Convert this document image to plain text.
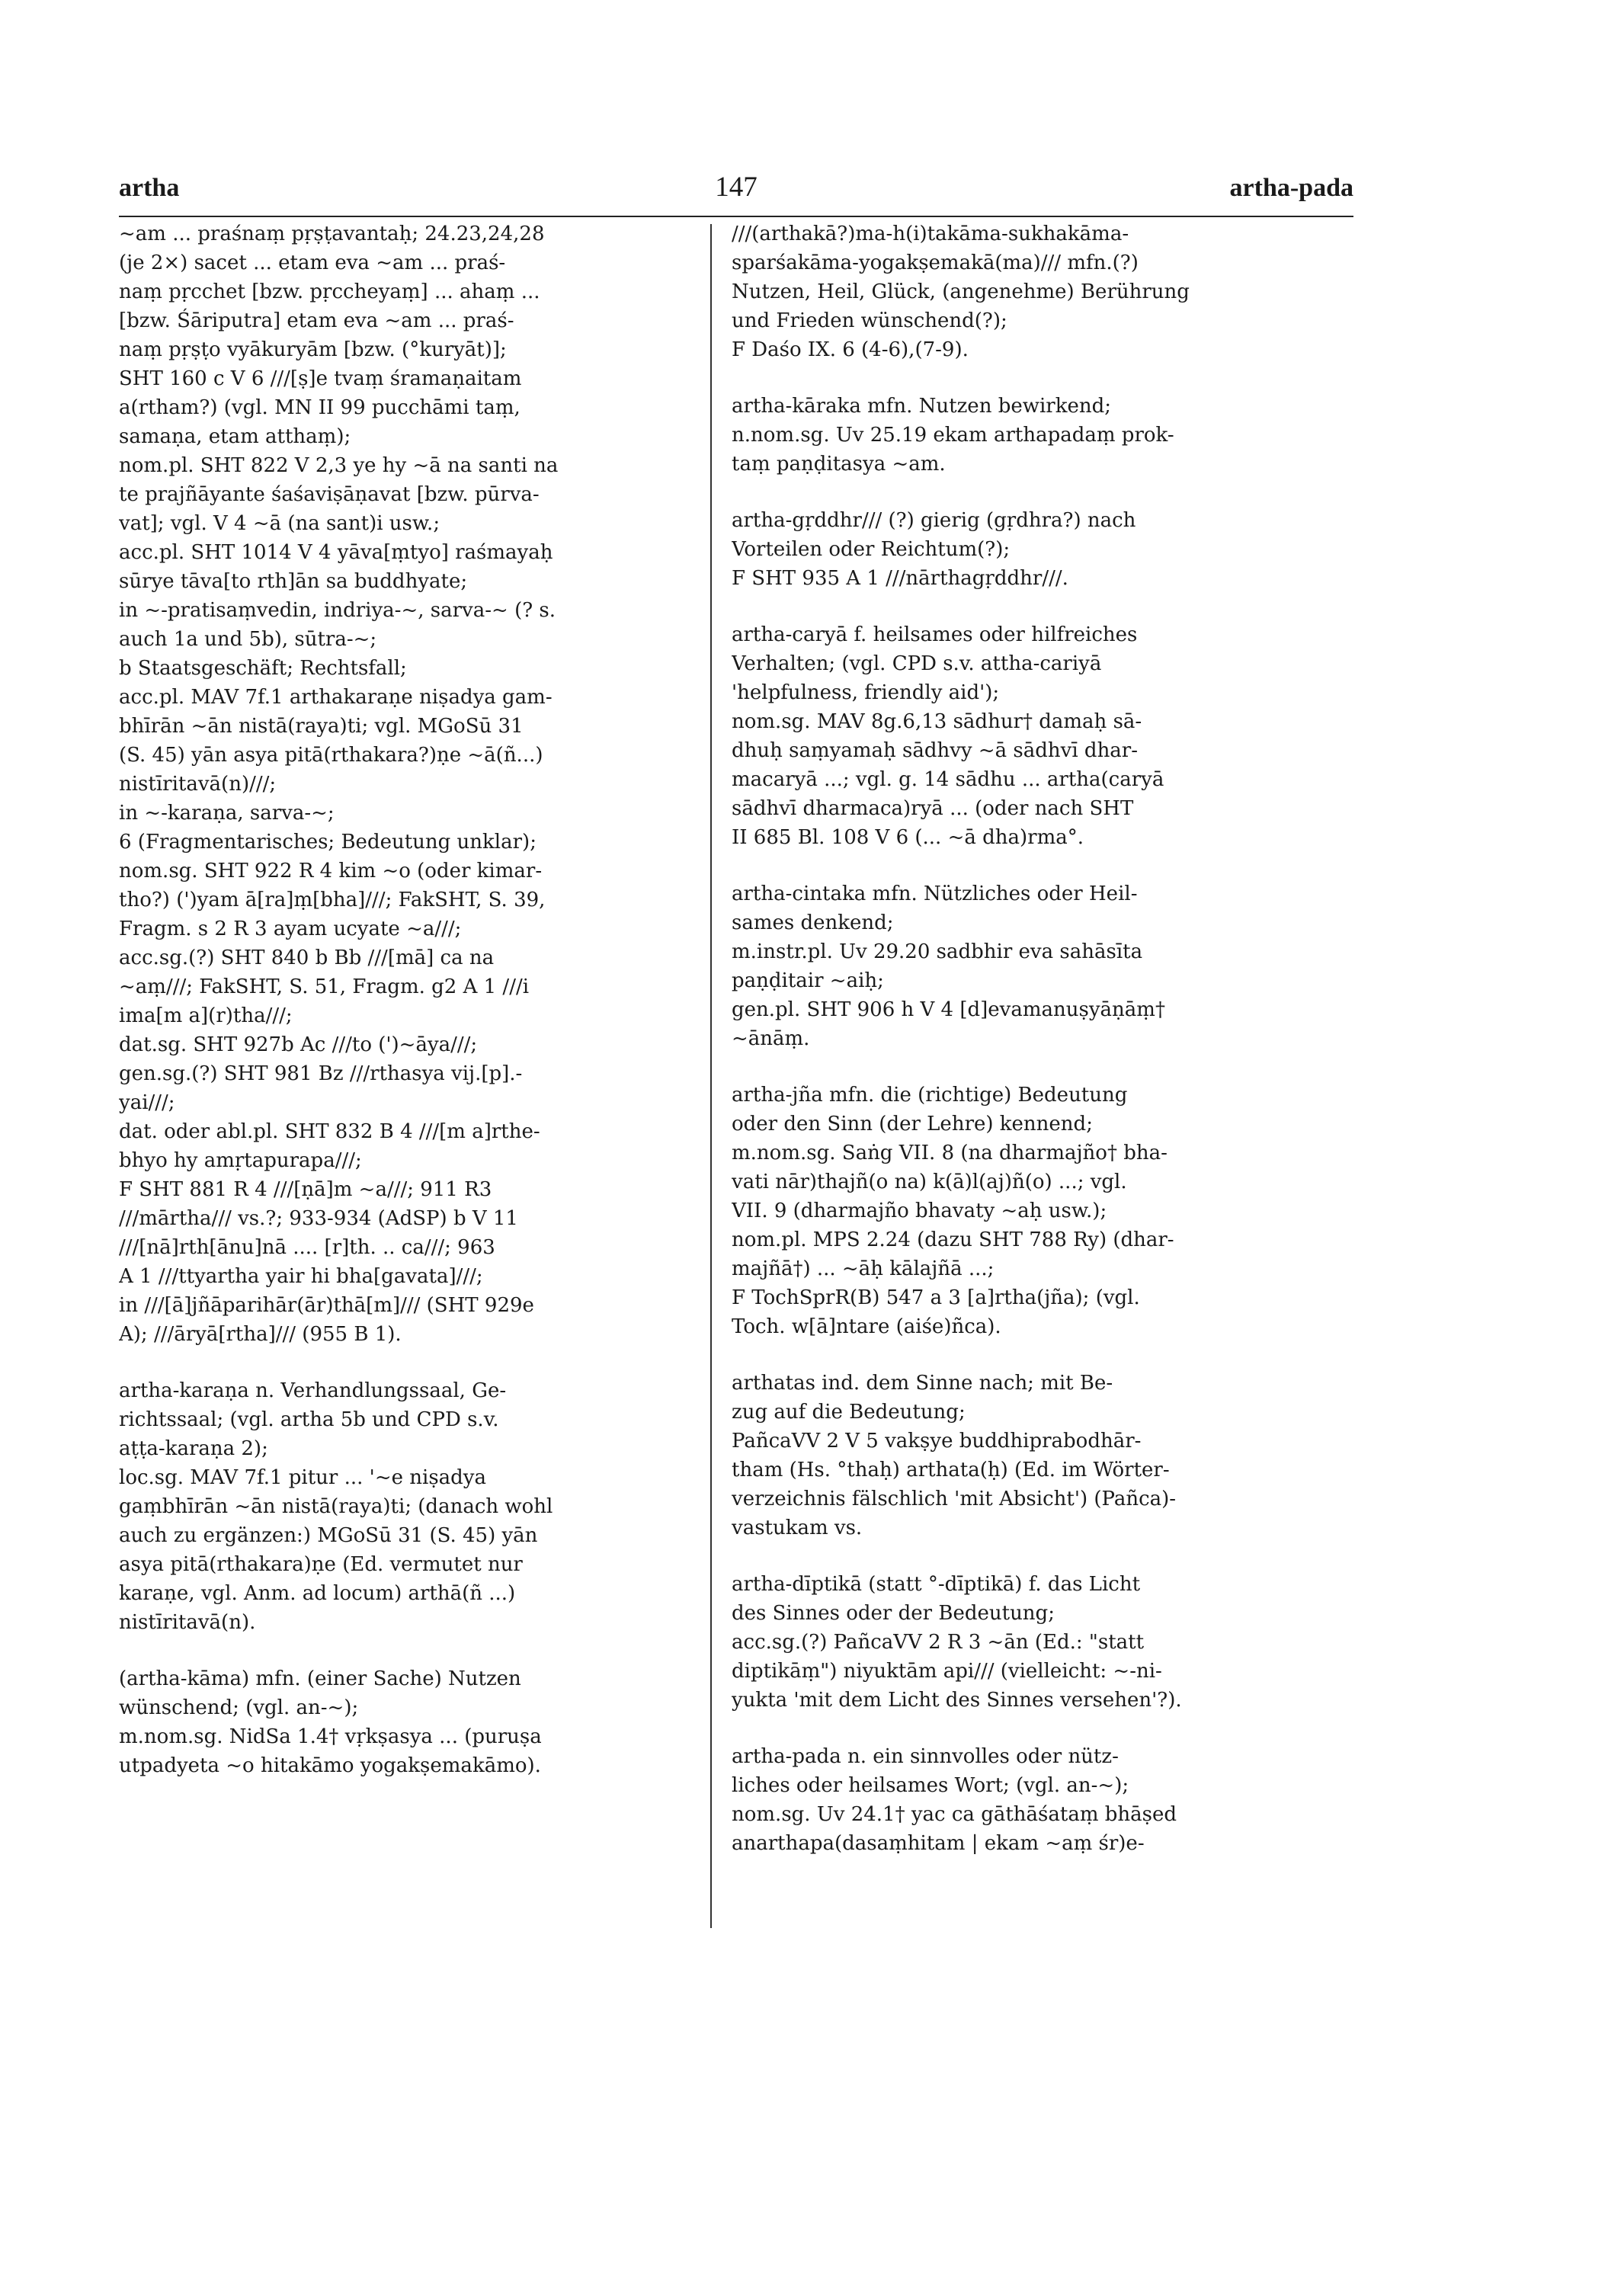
artha	147	artha-pada
~am ... praśnaṃ pṛṣṭavantaḥ; 24.23,24,28
(je 2×) sacet ... etam eva ~am ... praś-
naṃ pṛcchet [bzw. pṛccheyaṃ] ... ahaṃ ...
[bzw. Śāriputra] etam eva ~am ... praś-
naṃ pṛṣṭo vyākuryām [bzw. (°kuryāt)];
SHT 160 c V 6 ///[ṣ]e tvaṃ śramaṇaitam
a(rtham?) (vgl. MN II 99 pucchāmi taṃ,
samaṇa, etam atthaṃ);
nom.pl. SHT 822 V 2,3 ye hy ~ā na santi na
te prajñāyante śaśaviṣāṇavat [bzw. pūrva-
vat]; vgl. V 4 ~ā (na sant)i usw.;
acc.pl. SHT 1014 V 4 yāva[ṃtyo] raśmayaḥ
sūrye tāva[to rth]ān sa buddhyate;
in ~-pratisaṃvedin, indriya-~, sarva-~ (? s.
auch 1a und 5b), sūtra-~;
b Staatsgeschäft; Rechtsfall;
acc.pl. MAV 7f.1 arthakaraṇe niṣadya gam-
bhīrān ~ān nistā(raya)ti; vgl. MGoSū 31
(S. 45) yān asya pitā(rthakara?)ṇe ~ā(ñ...)
nistīritavā(n)///;
in ~-karaṇa, sarva-~;
6 (Fragmentarisches; Bedeutung unklar);
nom.sg. SHT 922 R 4 kim ~o (oder kimar-
tho?) (')yam ā[ra]ṃ[bha]///; FakSHT, S. 39,
Fragm. s 2 R 3 ayam ucyate ~a///;
acc.sg.(?) SHT 840 b Bb ///[mā] ca na
~aṃ///; FakSHT, S. 51, Fragm. g2 A 1 ///i
ima[m a](r)tha///;
dat.sg. SHT 927b Ac ///to (')~āya///;
gen.sg.(?) SHT 981 Bz ///rthasya vij.[p].-
yai///;
dat. oder abl.pl. SHT 832 B 4 ///[m a]rthe-
bhyo hy amṛtapurapa///;
F SHT 881 R 4 ///[ṇā]m ~a///; 911 R3
///mārtha/// vs.?; 933-934 (AdSP) b V 11
///[nā]rth[ānu]nā .... [r]th. .. ca///; 963
A 1 ///ttyartha yair hi bha[gavata]///;
in ///[ā]jñāparihār(ār)thā[m]/// (SHT 929e
A); ///āryā[rtha]/// (955 B 1).
artha-karaṇa n. Verhandlungssaal, Ge-
richtssaal; (vgl. artha 5b und CPD s.v.
aṭṭa-karaṇa 2);
loc.sg. MAV 7f.1 pitur ... '~e niṣadya
gaṃbhīrān ~ān nistā(raya)ti; (danach wohl
auch zu ergänzen:) MGoSū 31 (S. 45) yān
asya pitā(rthakara)ṇe (Ed. vermutet nur
karaṇe, vgl. Anm. ad locum) arthā(ñ ...)
nistīritavā(n).
(artha-kāma) mfn. (einer Sache) Nutzen
wünschend; (vgl. an-~);
m.nom.sg. NidSa 1.4† vṛkṣasya ... (puruṣa
utpadyeta ~o hitakāmo yogakṣemakāmo).
///(arthakā?)ma-h(i)takāma-sukhakāma-
sparśakāma-yogakṣemakā(ma)/// mfn.(?)
Nutzen, Heil, Glück, (angenehme) Berührung
und Frieden wünschend(?);
F Daśo IX. 6 (4-6),(7-9).
artha-kāraka mfn. Nutzen bewirkend;
n.nom.sg. Uv 25.19 ekam arthapadaṃ prok-
taṃ paṇḍitasya ~am.
artha-gṛddhr/// (?) gierig (gṛdhra?) nach
Vorteilen oder Reichtum(?);
F SHT 935 A 1 ///nārthagṛddhr///.
artha-caryā f. heilsames oder hilfreiches
Verhalten; (vgl. CPD s.v. attha-cariyā
'helpfulness, friendly aid');
nom.sg. MAV 8g.6,13 sādhur† damaḥ sā-
dhuḥ saṃyamaḥ sādhvy ~ā sādhvī dhar-
macaryā ...; vgl. g. 14 sādhu ... artha(caryā
sādhvī dharmaca)ryā ... (oder nach SHT
II 685 Bl. 108 V 6 (... ~ā dha)rma°.
artha-cintaka mfn. Nützliches oder Heil-
sames denkend;
m.instr.pl. Uv 29.20 sadbhir eva sahāsīta
paṇḍitair ~aiḥ;
gen.pl. SHT 906 h V 4 [d]evamanuṣyāṇāṃ†
~ānāṃ.
artha-jña mfn. die (richtige) Bedeutung
oder den Sinn (der Lehre) kennend;
m.nom.sg. Saṅg VII. 8 (na dharmajño† bha-
vati nār)thajñ(o na) k(ā)l(aj)ñ(o) ...; vgl.
VII. 9 (dharmajño bhavaty ~aḥ usw.);
nom.pl. MPS 2.24 (dazu SHT 788 Ry) (dhar-
majñā†) ... ~āḥ kālajñā ...;
F TochSprR(B) 547 a 3 [a]rtha(jña); (vgl.
Toch. w[ā]ntare (aiśe)ñca).
arthatas ind. dem Sinne nach; mit Be-
zug auf die Bedeutung;
PañcaVV 2 V 5 vakṣye buddhiprabodhār-
tham (Hs. °thaḥ) arthata(ḥ) (Ed. im Wörter-
verzeichnis fälschlich 'mit Absicht') (Pañca)-
vastukam vs.
artha-dīptikā (statt °-dīptikā) f. das Licht
des Sinnes oder der Bedeutung;
acc.sg.(?) PañcaVV 2 R 3 ~ān (Ed.: "statt
diptikāṃ") niyuktām api/// (vielleicht: ~-ni-
yukta 'mit dem Licht des Sinnes versehen'?).
artha-pada n. ein sinnvolles oder nütz-
liches oder heilsames Wort; (vgl. an-~);
nom.sg. Uv 24.1† yac ca gāthāśataṃ bhāṣed
anarthapa(dasaṃhitam | ekam ~aṃ śr)e-
